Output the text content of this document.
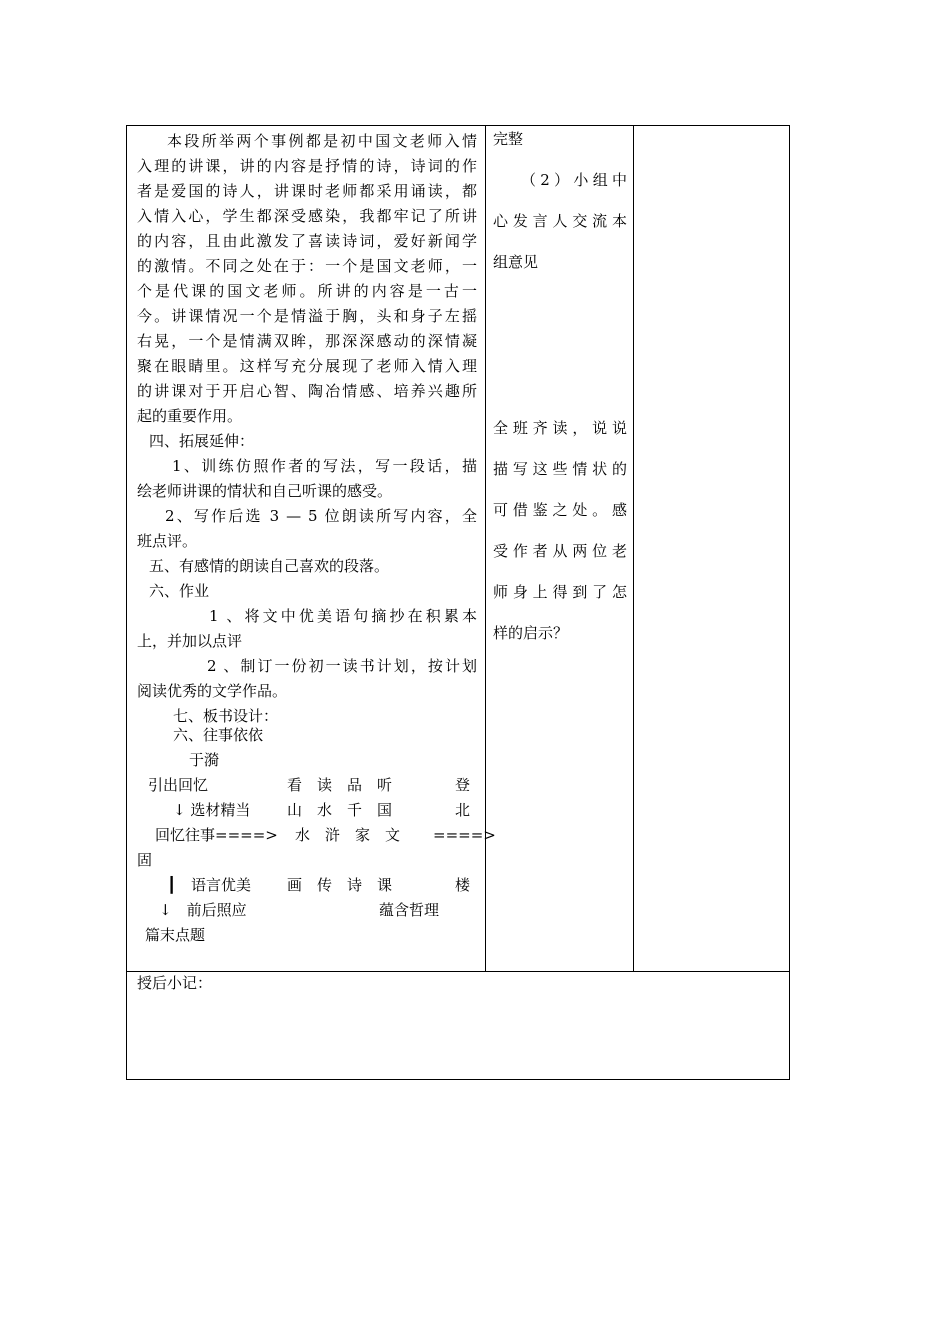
本段所举两个事例都是初中国文老师入情
入理的讲课，讲的内容是抒情的诗，诗词的作
者是爱国的诗人，讲课时老师都采用诵读，都
入情入心，学生都深受感染，我都牢记了所讲
的内容，且由此激发了喜读诗词，爱好新闻学
的激情。不同之处在于：一个是国文老师，一
个是代课的国文老师。所讲的内容是一古一
今。讲课情况一个是情溢于胸，头和身子左摇
右晃，一个是情满双眸，那深深感动的深情凝
聚在眼睛里。这样写充分展现了老师入情入理
的讲课对于开启心智、陶冶情感、培养兴趣所
起的重要作用。
四、拓展延伸：
1、训练仿照作者的写法，写一段话，描
绘老师讲课的情状和自己听课的感受。
2、写作后选 3 — 5 位朗读所写内容，全
班点评。
五、有感情的朗读自己喜欢的段落。
六、作业
1 、将文中优美语句摘抄在积累本
上，并加以点评
2 、制订一份初一读书计划，按计划
阅读优秀的文学作品。
七、板书设计：
六、往事依依
于漪
引出回忆	看　读　品　听	登
↓ 选材精当 山　水　千　国	北
回忆往事====> 水　浒　家　文 ====>
固
┃　语言优美 画　传　诗　课	楼
↓　前后照应	蕴含哲理
篇末点题
完整
（2）小组中
心发言人交流本
组意见
全班齐读，说说
描写这些情状的
可借鉴之处。感
受作者从两位老
师身上得到了怎
样的启示？
授后小记：
